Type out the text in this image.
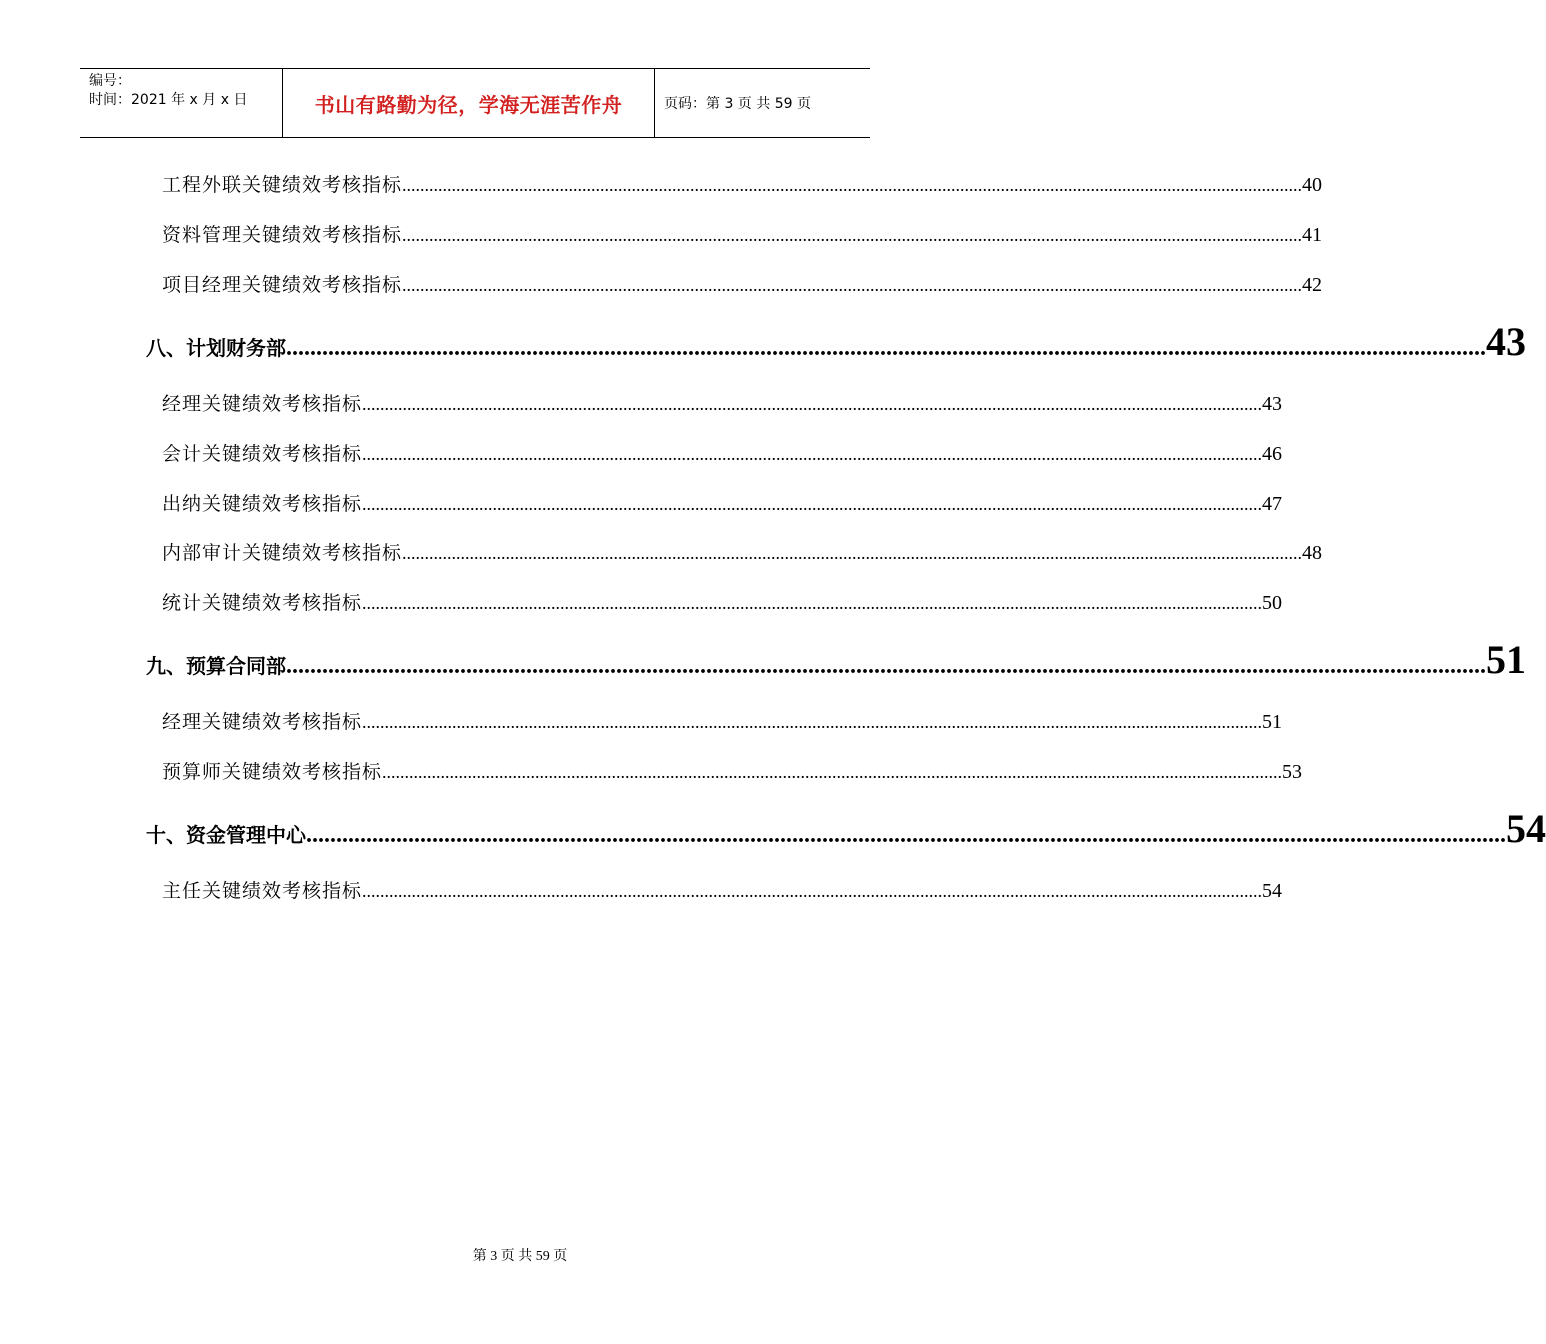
编号：
时间：2021 年 x 月 x 日	书山有路勤为径，学海无涯苦作舟	页码：第 3 页 共 59 页
工程外联关键绩效考核指标 ........................................................................................................................................................................................................ 40
资料管理关键绩效考核指标 ........................................................................................................................................................................................................ 41
项目经理关键绩效考核指标 ........................................................................................................................................................................................................ 42
八、计划财务部 ........................................................................................................................................................................................................ 43
经理关键绩效考核指标 ........................................................................................................................................................................................................ 43
会计关键绩效考核指标 ........................................................................................................................................................................................................ 46
出纳关键绩效考核指标 ........................................................................................................................................................................................................ 47
内部审计关键绩效考核指标 ........................................................................................................................................................................................................ 48
统计关键绩效考核指标 ........................................................................................................................................................................................................ 50
九、预算合同部 ........................................................................................................................................................................................................ 51
经理关键绩效考核指标 ........................................................................................................................................................................................................ 51
预算师关键绩效考核指标 ........................................................................................................................................................................................................ 53
十、资金管理中心 ........................................................................................................................................................................................................ 54
主任关键绩效考核指标 ........................................................................................................................................................................................................ 54
第 3 页 共 59 页
